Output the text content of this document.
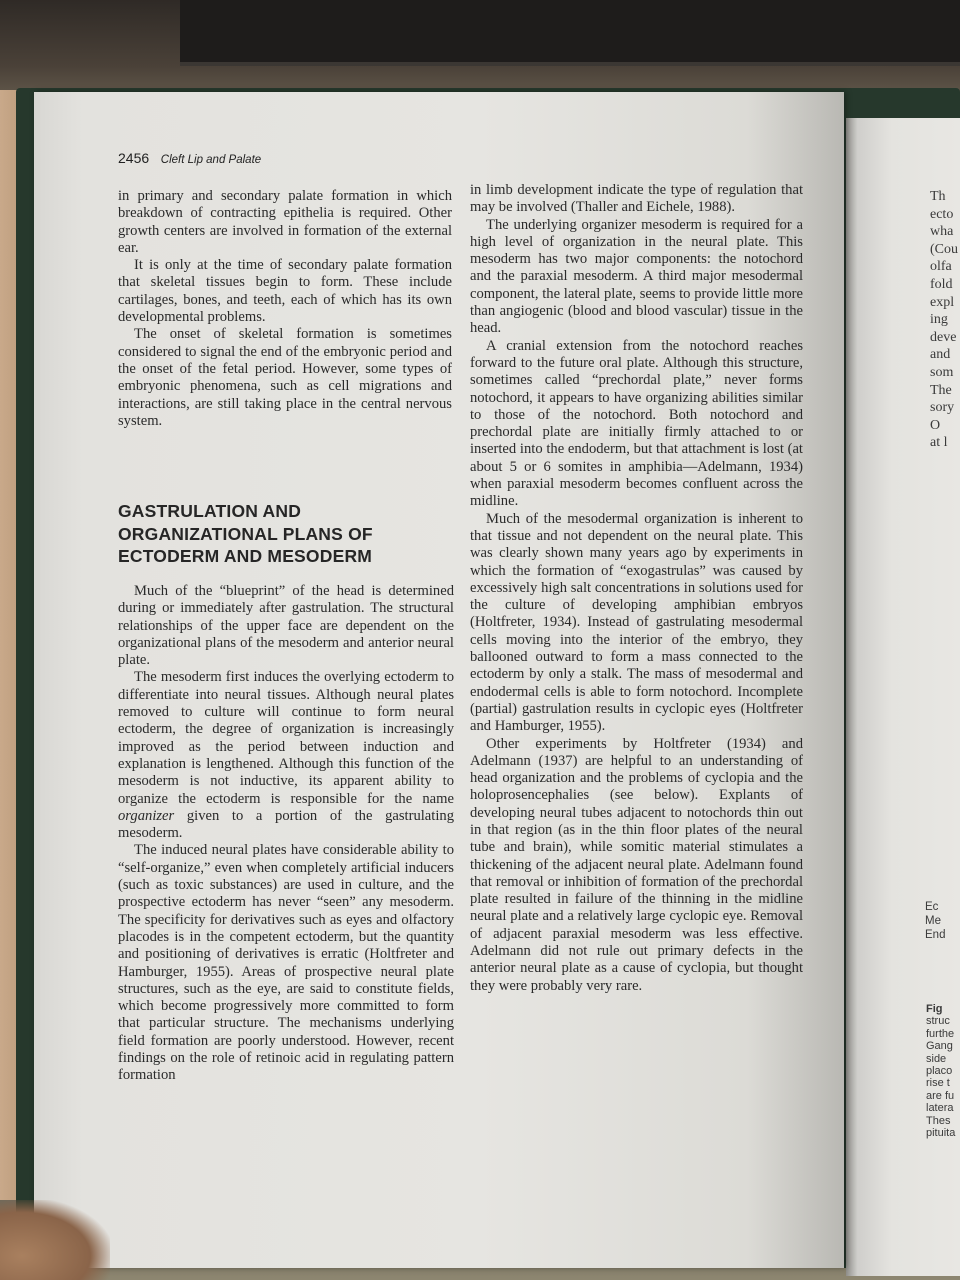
2456 Cleft Lip and Palate

in primary and secondary palate formation in which breakdown of contracting epithelia is required. Other growth centers are involved in formation of the external ear.

It is only at the time of secondary palate formation that skeletal tissues begin to form. These include cartilages, bones, and teeth, each of which has its own developmental problems.

The onset of skeletal formation is sometimes considered to signal the end of the embryonic period and the onset of the fetal period. However, some types of embryonic phenomena, such as cell migrations and interactions, are still taking place in the central nervous system.

GASTRULATION AND ORGANIZATIONAL PLANS OF ECTODERM AND MESODERM

Much of the “blueprint” of the head is determined during or immediately after gastrulation. The structural relationships of the upper face are dependent on the organizational plans of the mesoderm and anterior neural plate.

The mesoderm first induces the overlying ectoderm to differentiate into neural tissues. Although neural plates removed to culture will continue to form neural ectoderm, the degree of organization is increasingly improved as the period between induction and explanation is lengthened. Although this function of the mesoderm is not inductive, its apparent ability to organize the ectoderm is responsible for the name organizer given to a portion of the gastrulating mesoderm.

The induced neural plates have considerable ability to “self-organize,” even when completely artificial inducers (such as toxic substances) are used in culture, and the prospective ectoderm has never “seen” any mesoderm. The specificity for derivatives such as eyes and olfactory placodes is in the competent ectoderm, but the quantity and positioning of derivatives is erratic (Holtfreter and Hamburger, 1955). Areas of prospective neural plate structures, such as the eye, are said to constitute fields, which become progressively more committed to form that particular structure. The mechanisms underlying field formation are poorly understood. However, recent findings on the role of retinoic acid in regulating pattern formation

in limb development indicate the type of regulation that may be involved (Thaller and Eichele, 1988).

The underlying organizer mesoderm is required for a high level of organization in the neural plate. This mesoderm has two major components: the notochord and the paraxial mesoderm. A third major mesodermal component, the lateral plate, seems to provide little more than angiogenic (blood and blood vascular) tissue in the head.

A cranial extension from the notochord reaches forward to the future oral plate. Although this structure, sometimes called “prechordal plate,” never forms notochord, it appears to have organizing abilities similar to those of the notochord. Both notochord and prechordal plate are initially firmly attached to or inserted into the endoderm, but that attachment is lost (at about 5 or 6 somites in amphibia—Adelmann, 1934) when paraxial mesoderm becomes confluent across the midline.

Much of the mesodermal organization is inherent to that tissue and not dependent on the neural plate. This was clearly shown many years ago by experiments in which the formation of “exogastrulas” was caused by excessively high salt concentrations in solutions used for the culture of developing amphibian embryos (Holtfreter, 1934). Instead of gastrulating mesodermal cells moving into the interior of the embryo, they ballooned outward to form a mass connected to the ectoderm by only a stalk. The mass of mesodermal and endodermal cells is able to form notochord. Incomplete (partial) gastrulation results in cyclopic eyes (Holtfreter and Hamburger, 1955).

Other experiments by Holtfreter (1934) and Adelmann (1937) are helpful to an understanding of head organization and the problems of cyclopia and the holoprosencephalies (see below). Explants of developing neural tubes adjacent to notochords thin out in that region (as in the thin floor plates of the neural tube and brain), while somitic material stimulates a thickening of the adjacent neural plate. Adelmann found that removal or inhibition of formation of the prechordal plate resulted in failure of the thinning in the midline neural plate and a relatively large cyclopic eye. Removal of adjacent paraxial mesoderm was less effective. Adelmann did not rule out primary defects in the anterior neural plate as a cause of cyclopia, but thought they were probably very rare.

Th
ecto
wha
(Cou
olfa
fold
expl
ing
deve
and
som
The
sory
O
at l
Ec
Me
End
Fig
struc
furthe
Gang
side
placo
rise t
are fu
latera
Thes
pituita
